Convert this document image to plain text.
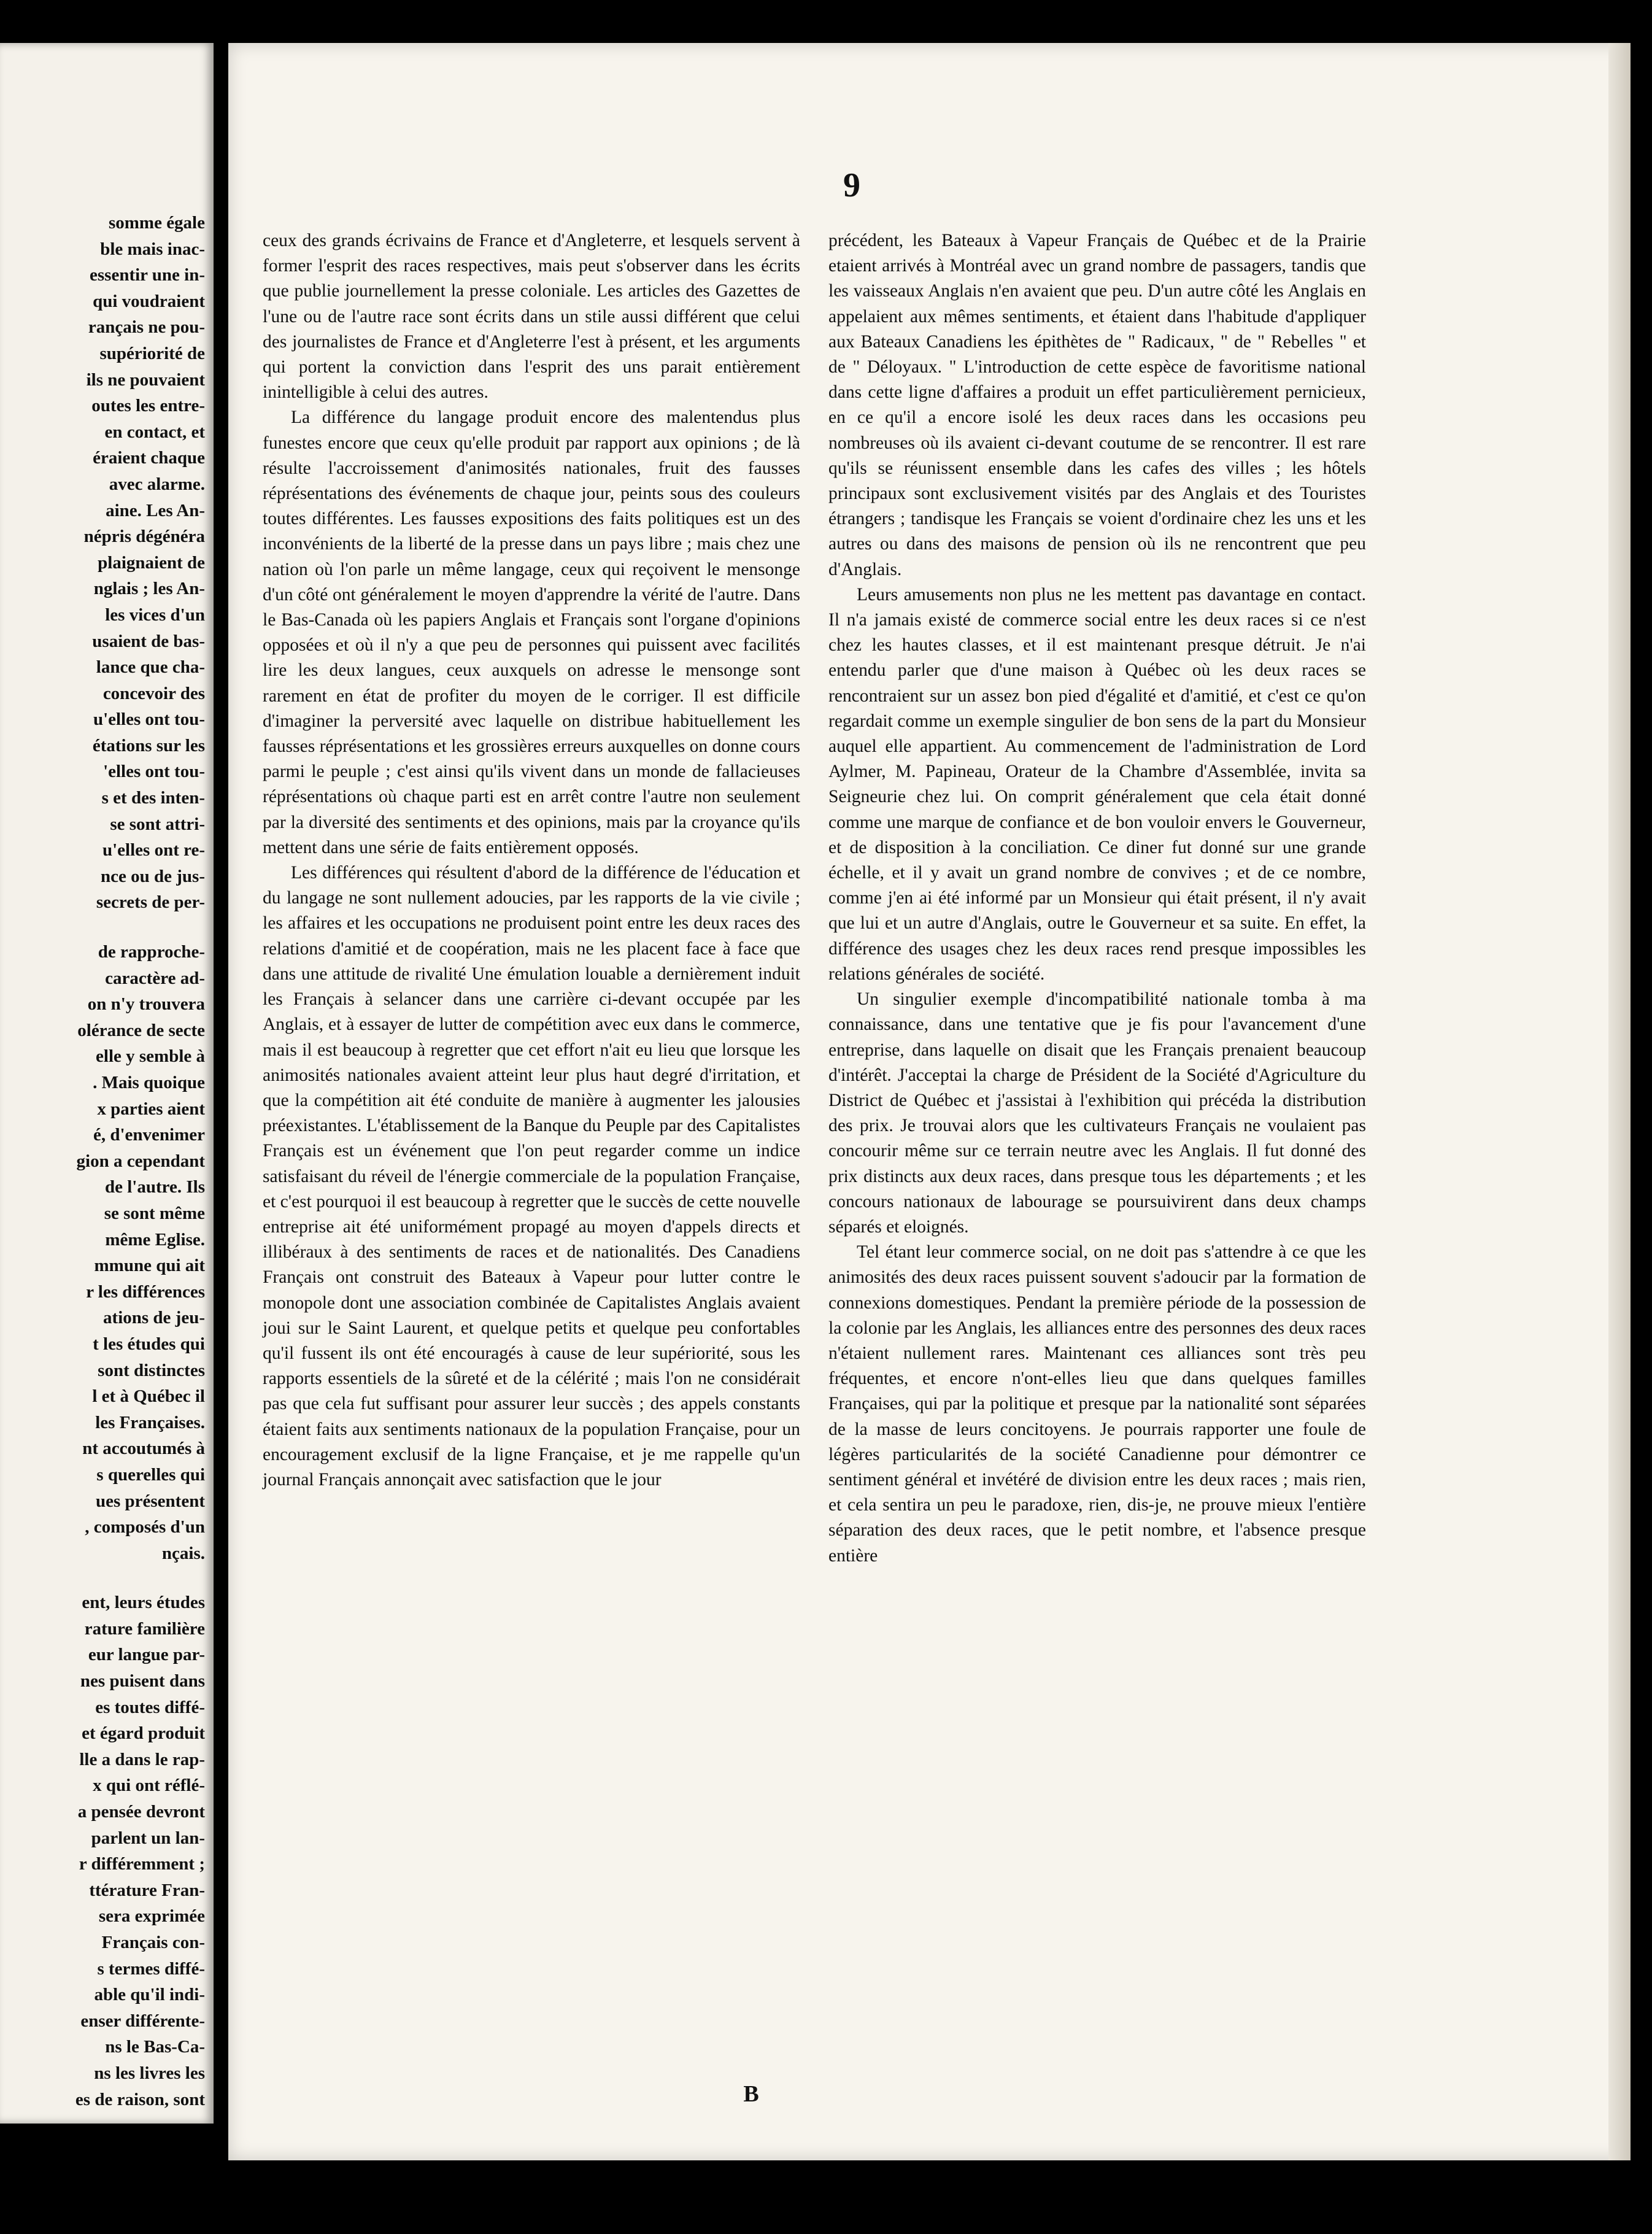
somme égale
ble mais inac-
essentir une in-
qui voudraient
rançais ne pou-
supériorité de
ils ne pouvaient
outes les entre-
en contact, et
éraient chaque
avec alarme.
aine. Les An-
népris dégénéra
plaignaient de
nglais ; les An-
les vices d'un
usaient de bas-
lance que cha-
concevoir des
u'elles ont tou-
étations sur les
'elles ont tou-
s et des inten-
se sont attri-
u'elles ont re-
nce ou de jus-
secrets de per-
de rapproche-
caractère ad-
on n'y trouvera
olérance de secte
elle y semble à
. Mais quoique
x parties aient
é, d'envenimer
gion a cependant
de l'autre. Ils
se sont même
même Eglise.
mmune qui ait
r les différences
ations de jeu-
t les études qui
sont distinctes
l et à Québec il
les Françaises.
nt accoutumés à
s querelles qui
ues présentent
, composés d'un
nçais.
ent, leurs études
rature familière
eur langue par-
nes puisent dans
es toutes diffé-
et égard produit
lle a dans le rap-
x qui ont réflé-
a pensée devront
parlent un lan-
r différemment ;
ttérature Fran-
sera exprimée
Français con-
s termes diffé-
able qu'il indi-
enser différente-
ns le Bas-Ca-
ns les livres les
es de raison, sont
9

ceux des grands écrivains de France et d'Angleterre, et lesquels servent à former l'esprit des races respectives, mais peut s'observer dans les écrits que publie journellement la presse coloniale. Les articles des Gazettes de l'une ou de l'autre race sont écrits dans un stile aussi différent que celui des journalistes de France et d'Angleterre l'est à présent, et les arguments qui portent la conviction dans l'esprit des uns parait entièrement inintelligible à celui des autres.

La différence du langage produit encore des malentendus plus funestes encore que ceux qu'elle produit par rapport aux opinions ; de là résulte l'accroissement d'animosités nationales, fruit des fausses réprésentations des événements de chaque jour, peints sous des couleurs toutes différentes. Les fausses expositions des faits politiques est un des inconvénients de la liberté de la presse dans un pays libre ; mais chez une nation où l'on parle un même langage, ceux qui reçoivent le mensonge d'un côté ont généralement le moyen d'apprendre la vérité de l'autre. Dans le Bas-Canada où les papiers Anglais et Français sont l'organe d'opinions opposées et où il n'y a que peu de personnes qui puissent avec facilités lire les deux langues, ceux auxquels on adresse le mensonge sont rarement en état de profiter du moyen de le corriger. Il est difficile d'imaginer la perversité avec laquelle on distribue habituellement les fausses réprésentations et les grossières erreurs auxquelles on donne cours parmi le peuple ; c'est ainsi qu'ils vivent dans un monde de fallacieuses réprésentations où chaque parti est en arrêt contre l'autre non seulement par la diversité des sentiments et des opinions, mais par la croyance qu'ils mettent dans une série de faits entièrement opposés.

Les différences qui résultent d'abord de la différence de l'éducation et du langage ne sont nullement adoucies, par les rapports de la vie civile ; les affaires et les occupations ne produisent point entre les deux races des relations d'amitié et de coopération, mais ne les placent face à face que dans une attitude de rivalité Une émulation louable a dernièrement induit les Français à selancer dans une carrière ci-devant occupée par les Anglais, et à essayer de lutter de compétition avec eux dans le commerce, mais il est beaucoup à regretter que cet effort n'ait eu lieu que lorsque les animosités nationales avaient atteint leur plus haut degré d'irritation, et que la compétition ait été conduite de manière à augmenter les jalousies préexistantes. L'établissement de la Banque du Peuple par des Capitalistes Français est un événement que l'on peut regarder comme un indice satisfaisant du réveil de l'énergie commerciale de la population Française, et c'est pourquoi il est beaucoup à regretter que le succès de cette nouvelle entreprise ait été uniformément propagé au moyen d'appels directs et illibéraux à des sentiments de races et de nationalités. Des Canadiens Français ont construit des Bateaux à Vapeur pour lutter contre le monopole dont une association combinée de Capitalistes Anglais avaient joui sur le Saint Laurent, et quelque petits et quelque peu confortables qu'il fussent ils ont été encouragés à cause de leur supériorité, sous les rapports essentiels de la sûreté et de la célérité ; mais l'on ne considérait pas que cela fut suffisant pour assurer leur succès ; des appels constants étaient faits aux sentiments nationaux de la population Française, pour un encouragement exclusif de la ligne Française, et je me rappelle qu'un journal Français annonçait avec satisfaction que le jour

précédent, les Bateaux à Vapeur Français de Québec et de la Prairie etaient arrivés à Montréal avec un grand nombre de passagers, tandis que les vaisseaux Anglais n'en avaient que peu. D'un autre côté les Anglais en appelaient aux mêmes sentiments, et étaient dans l'habitude d'appliquer aux Bateaux Canadiens les épithètes de " Radicaux, " de " Rebelles " et de " Déloyaux. " L'introduction de cette espèce de favoritisme national dans cette ligne d'affaires a produit un effet particulièrement pernicieux, en ce qu'il a encore isolé les deux races dans les occasions peu nombreuses où ils avaient ci-devant coutume de se rencontrer. Il est rare qu'ils se réunissent ensemble dans les cafes des villes ; les hôtels principaux sont exclusivement visités par des Anglais et des Touristes étrangers ; tandisque les Français se voient d'ordinaire chez les uns et les autres ou dans des maisons de pension où ils ne rencontrent que peu d'Anglais.

Leurs amusements non plus ne les mettent pas davantage en contact. Il n'a jamais existé de commerce social entre les deux races si ce n'est chez les hautes classes, et il est maintenant presque détruit. Je n'ai entendu parler que d'une maison à Québec où les deux races se rencontraient sur un assez bon pied d'égalité et d'amitié, et c'est ce qu'on regardait comme un exemple singulier de bon sens de la part du Monsieur auquel elle appartient. Au commencement de l'administration de Lord Aylmer, M. Papineau, Orateur de la Chambre d'Assemblée, invita sa Seigneurie chez lui. On comprit généralement que cela était donné comme une marque de confiance et de bon vouloir envers le Gouverneur, et de disposition à la conciliation. Ce diner fut donné sur une grande échelle, et il y avait un grand nombre de convives ; et de ce nombre, comme j'en ai été informé par un Monsieur qui était présent, il n'y avait que lui et un autre d'Anglais, outre le Gouverneur et sa suite. En effet, la différence des usages chez les deux races rend presque impossibles les relations générales de société.

Un singulier exemple d'incompatibilité nationale tomba à ma connaissance, dans une tentative que je fis pour l'avancement d'une entreprise, dans laquelle on disait que les Français prenaient beaucoup d'intérêt. J'acceptai la charge de Président de la Société d'Agriculture du District de Québec et j'assistai à l'exhibition qui précéda la distribution des prix. Je trouvai alors que les cultivateurs Français ne voulaient pas concourir même sur ce terrain neutre avec les Anglais. Il fut donné des prix distincts aux deux races, dans presque tous les départements ; et les concours nationaux de labourage se poursuivirent dans deux champs séparés et eloignés.

Tel étant leur commerce social, on ne doit pas s'attendre à ce que les animosités des deux races puissent souvent s'adoucir par la formation de connexions domestiques. Pendant la première période de la possession de la colonie par les Anglais, les alliances entre des personnes des deux races n'étaient nullement rares. Maintenant ces alliances sont très peu fréquentes, et encore n'ont-elles lieu que dans quelques familles Françaises, qui par la politique et presque par la nationalité sont séparées de la masse de leurs concitoyens. Je pourrais rapporter une foule de légères particularités de la société Canadienne pour démontrer ce sentiment général et invétéré de division entre les deux races ; mais rien, et cela sentira un peu le paradoxe, rien, dis-je, ne prouve mieux l'entière séparation des deux races, que le petit nombre, et l'absence presque entière

B
